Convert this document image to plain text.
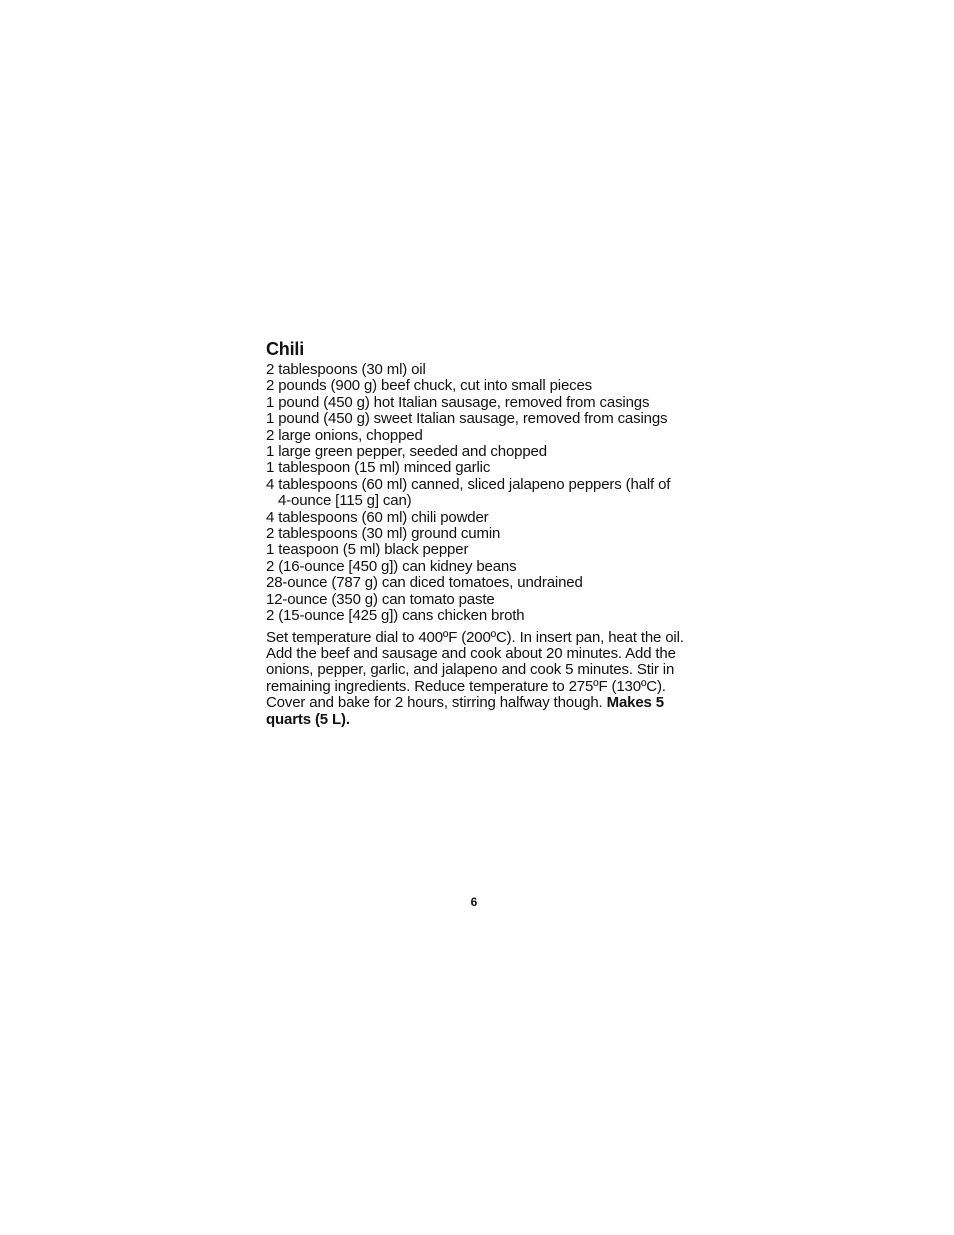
Chili
2 tablespoons (30 ml) oil
2 pounds (900 g) beef chuck, cut into small pieces
1 pound (450 g) hot Italian sausage, removed from casings
1 pound (450 g) sweet Italian sausage, removed from casings
2 large onions, chopped
1 large green pepper, seeded and chopped
1 tablespoon (15 ml) minced garlic
4 tablespoons (60 ml) canned, sliced jalapeno peppers (half of 4-ounce [115 g] can)
4 tablespoons (60 ml) chili powder
2 tablespoons (30 ml) ground cumin
1 teaspoon (5 ml) black pepper
2 (16-ounce [450 g]) can kidney beans
28-ounce (787 g) can diced tomatoes, undrained
12-ounce (350 g) can tomato paste
2 (15-ounce [425 g]) cans chicken broth

Set temperature dial to 400ºF (200ºC). In insert pan, heat the oil. Add the beef and sausage and cook about 20 minutes. Add the onions, pepper, garlic, and jalapeno and cook 5 minutes. Stir in remaining ingredients. Reduce temperature to 275ºF (130ºC). Cover and bake for 2 hours, stirring halfway though. Makes 5 quarts (5 L).

6
